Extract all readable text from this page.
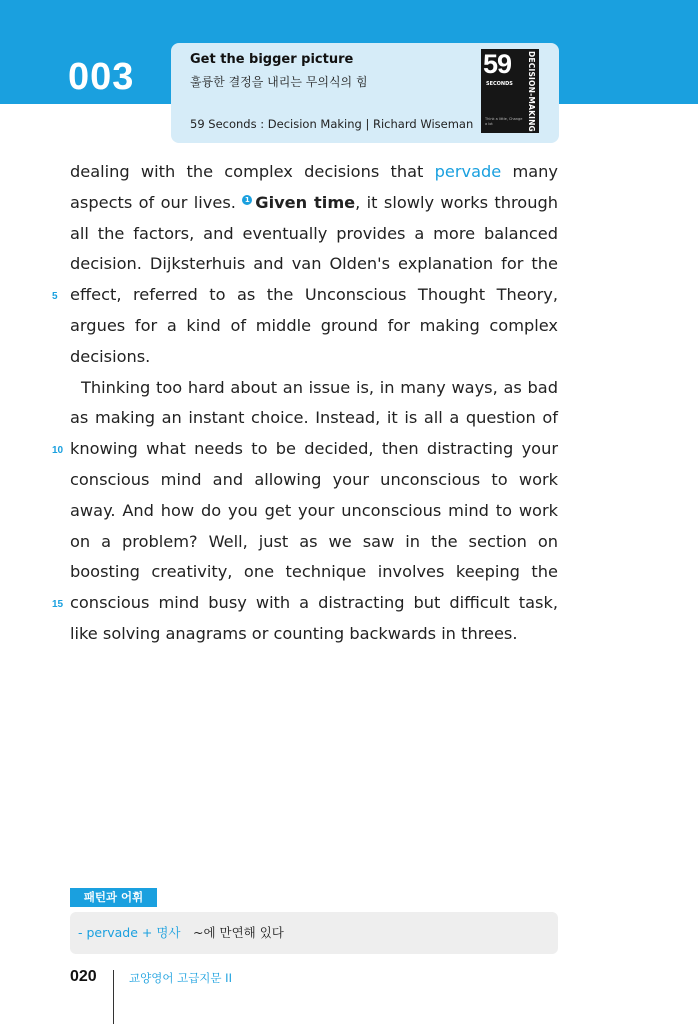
003	Get the bigger picture
훌륭한 결정을 내리는 무의식의 힘
59 Seconds : Decision Making | Richard Wiseman
59
SECONDS DECISION-MAKING
Think a little, Change a lot

dealing with the complex decisions that pervade many aspects of our lives. 1 Given time, it slowly works through all the factors, and eventually provides a more balanced decision. Dijksterhuis and van Olden's explanation for the effect, referred to as the Unconscious Thought Theory, argues for a kind of middle ground for making complex decisions.

Thinking too hard about an issue is, in many ways, as bad as making an instant choice. Instead, it is all a question of knowing what needs to be decided, then distracting your conscious mind and allowing your unconscious to work away. And how do you get your unconscious mind to work on a problem? Well, just as we saw in the section on boosting creativity, one technique involves keeping the conscious mind busy with a distracting but difficult task, like solving anagrams or counting backwards in threes.

5
10
15
패턴과 어휘
- pervade + 명사 ~에 만연해 있다
020	교양영어 고급지문 II
